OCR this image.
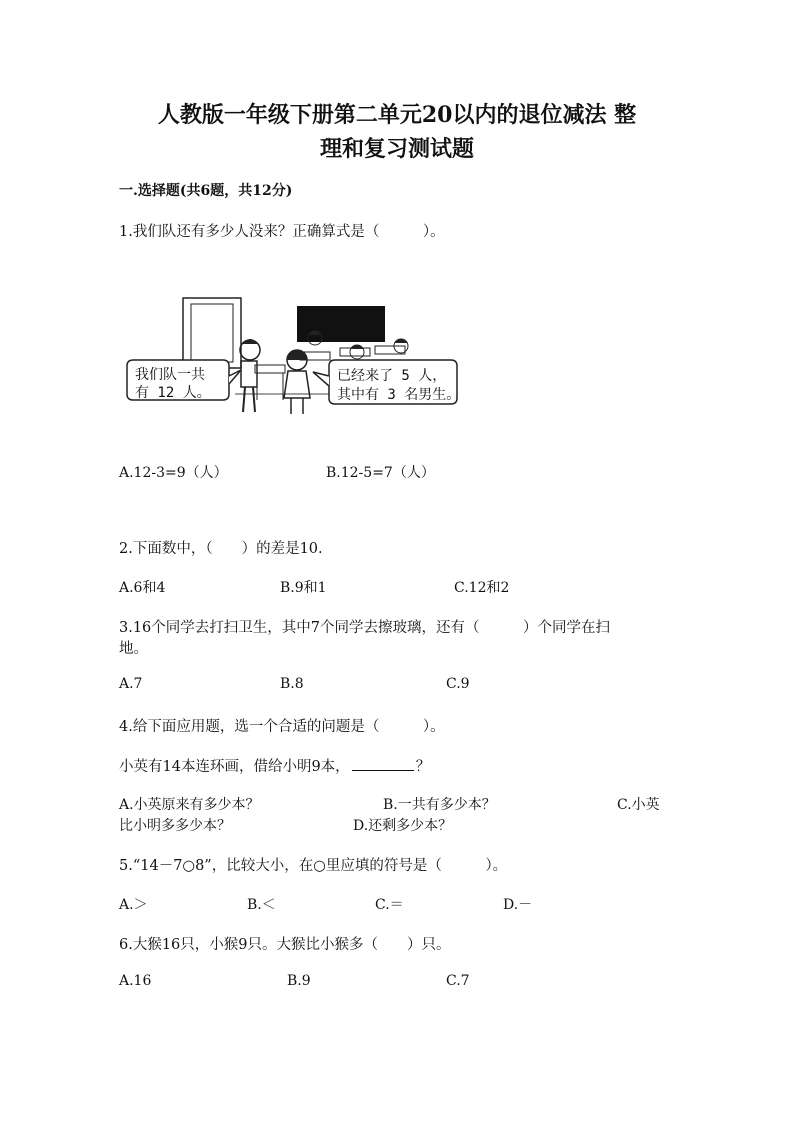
人教版一年级下册第二单元20以内的退位减法 整
理和复习测试题
一.选择题(共6题，共12分)
1.我们队还有多少人没来？正确算式是（　　　）。
我们队一共
有 12 人。
已经来了 5 人，
其中有 3 名男生。
A.12-3=9（人）	B.12-5=7（人）
2.下面数中，（　　）的差是10.
A.6和4	B.9和1	C.12和2
3.16个同学去打扫卫生，其中7个同学去擦玻璃，还有（　　　）个同学在扫
地。
A.7	B.8	C.9
4.给下面应用题，选一个合适的问题是（　　　）。
小英有14本连环画，借给小明9本，	？
A.小英原来有多少本？	B.一共有多少本？	C.小英
比小明多多少本？	D.还剩多少本？
5.“14－7○8”，比较大小，在○里应填的符号是（　　　）。
A.＞	B.＜	C.＝	D.－
6.大猴16只，小猴9只。大猴比小猴多（　　）只。
A.16	B.9	C.7
